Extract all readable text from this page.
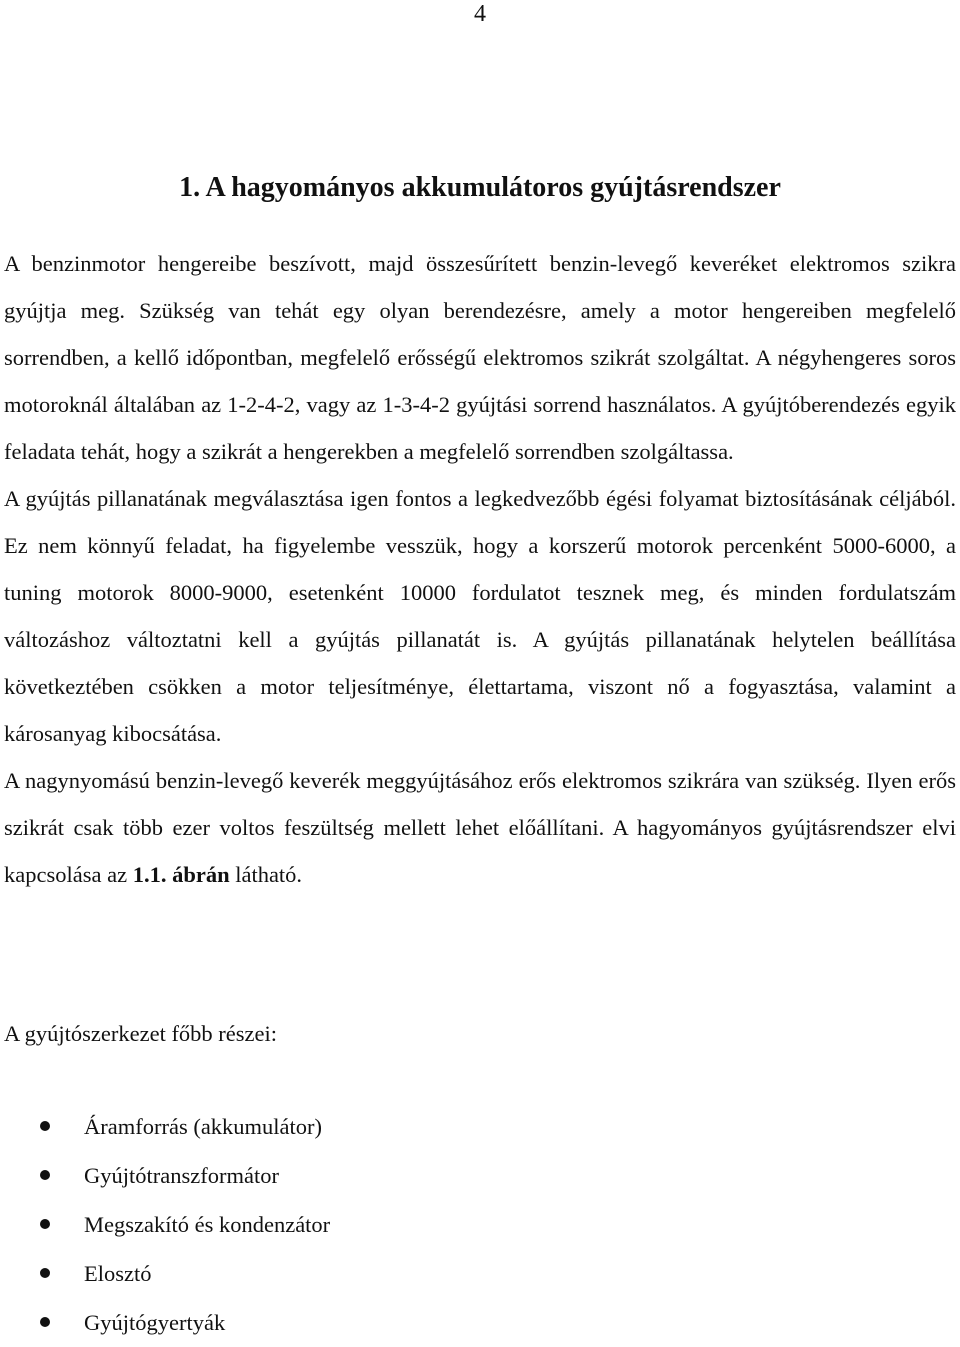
4
1. A hagyományos akkumulátoros gyújtásrendszer

A benzinmotor hengereibe beszívott, majd összesűrített benzin-levegő keveréket elektromos szikra gyújtja meg. Szükség van tehát egy olyan berendezésre, amely a motor hengereiben megfelelő sorrendben, a kellő időpontban, megfelelő erősségű elektromos szikrát szolgáltat. A négyhengeres soros motoroknál általában az 1-2-4-2, vagy az 1-3-4-2 gyújtási sorrend használatos. A gyújtóberendezés egyik feladata tehát, hogy a szikrát a hengerekben a megfelelő sorrendben szolgáltassa.

A gyújtás pillanatának megválasztása igen fontos a legkedvezőbb égési folyamat biztosításának céljából. Ez nem könnyű feladat, ha figyelembe vesszük, hogy a korszerű motorok percenként 5000-6000, a tuning motorok 8000-9000, esetenként 10000 fordulatot tesznek meg, és minden fordulatszám változáshoz változtatni kell a gyújtás pillanatát is. A gyújtás pillanatának helytelen beállítása következtében csökken a motor teljesítménye, élettartama, viszont nő a fogyasztása, valamint a károsanyag kibocsátása.

A nagynyomású benzin-levegő keverék meggyújtásához erős elektromos szikrára van szükség. Ilyen erős szikrát csak több ezer voltos feszültség mellett lehet előállítani. A hagyományos gyújtásrendszer elvi kapcsolása az 1.1. ábrán látható.

A gyújtószerkezet főbb részei:

Áramforrás (akkumulátor)
Gyújtótranszformátor
Megszakító és kondenzátor
Elosztó
Gyújtógyertyák
